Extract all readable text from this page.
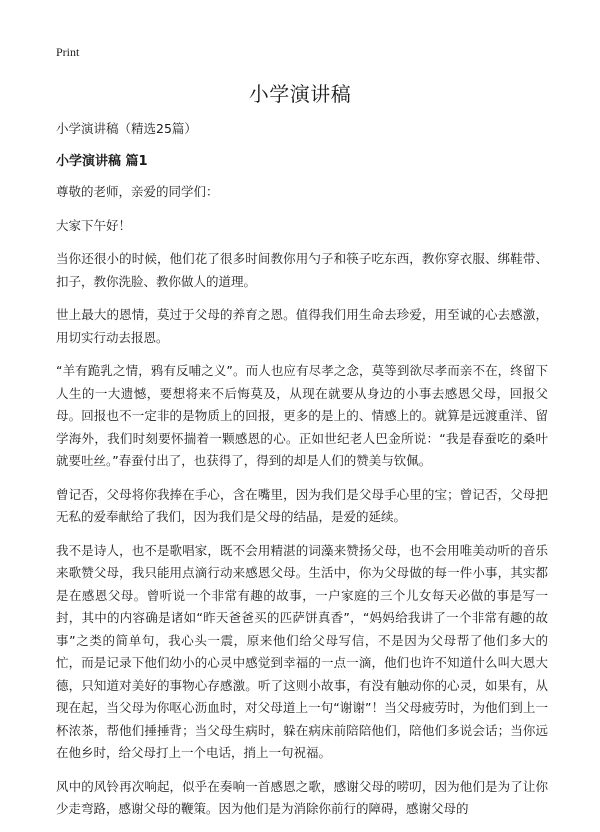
Print
小学演讲稿

小学演讲稿（精选25篇）

小学演讲稿 篇1

尊敬的老师，亲爱的同学们：

大家下午好！

当你还很小的时候，他们花了很多时间教你用勺子和筷子吃东西，教你穿衣服、绑鞋带、扣子，教你洗脸、教你做人的道理。

世上最大的恩情，莫过于父母的养育之恩。值得我们用生命去珍爱，用至诚的心去感激，用切实行动去报恩。

“羊有跪乳之情，鸦有反哺之义”。而人也应有尽孝之念，莫等到欲尽孝而亲不在，终留下人生的一大遗憾，要想将来不后悔莫及，从现在就要从身边的小事去感恩父母，回报父母。回报也不一定非的是物质上的回报，更多的是上的、情感上的。就算是远渡重洋、留学海外，我们时刻要怀揣着一颗感恩的心。正如世纪老人巴金所说：“我是春蚕吃的桑叶就要吐丝。”春蚕付出了，也获得了，得到的却是人们的赞美与钦佩。

曾记否，父母将你我捧在手心，含在嘴里，因为我们是父母手心里的宝；曾记否，父母把无私的爱奉献给了我们，因为我们是父母的结晶，是爱的延续。

我不是诗人，也不是歌唱家，既不会用精湛的词藻来赞扬父母，也不会用唯美动听的音乐来歌赞父母，我只能用点滴行动来感恩父母。生活中，你为父母做的每一件小事，其实都是在感恩父母。曾听说一个非常有趣的故事，一户家庭的三个儿女每天必做的事是写一封，其中的内容确是诸如“昨天爸爸买的匹萨饼真香”，“妈妈给我讲了一个非常有趣的故事”之类的简单句，我心头一震，原来他们给父母写信，不是因为父母帮了他们多大的忙，而是记录下他们幼小的心灵中感觉到幸福的一点一滴，他们也许不知道什么叫大恩大德，只知道对美好的事物心存感激。听了这则小故事，有没有触动你的心灵，如果有，从现在起，当父母为你呕心沥血时，对父母道上一句“谢谢”！当父母疲劳时，为他们到上一杯浓茶，帮他们捶捶背；当父母生病时，躲在病床前陪陪他们，陪他们多说会话；当你远在他乡时，给父母打上一个电话，捎上一句祝福。

风中的风铃再次响起，似乎在奏响一首感恩之歌，感谢父母的唠叨，因为他们是为了让你少走弯路，感谢父母的鞭策。因为他们是为消除你前行的障碍，感谢父母的
